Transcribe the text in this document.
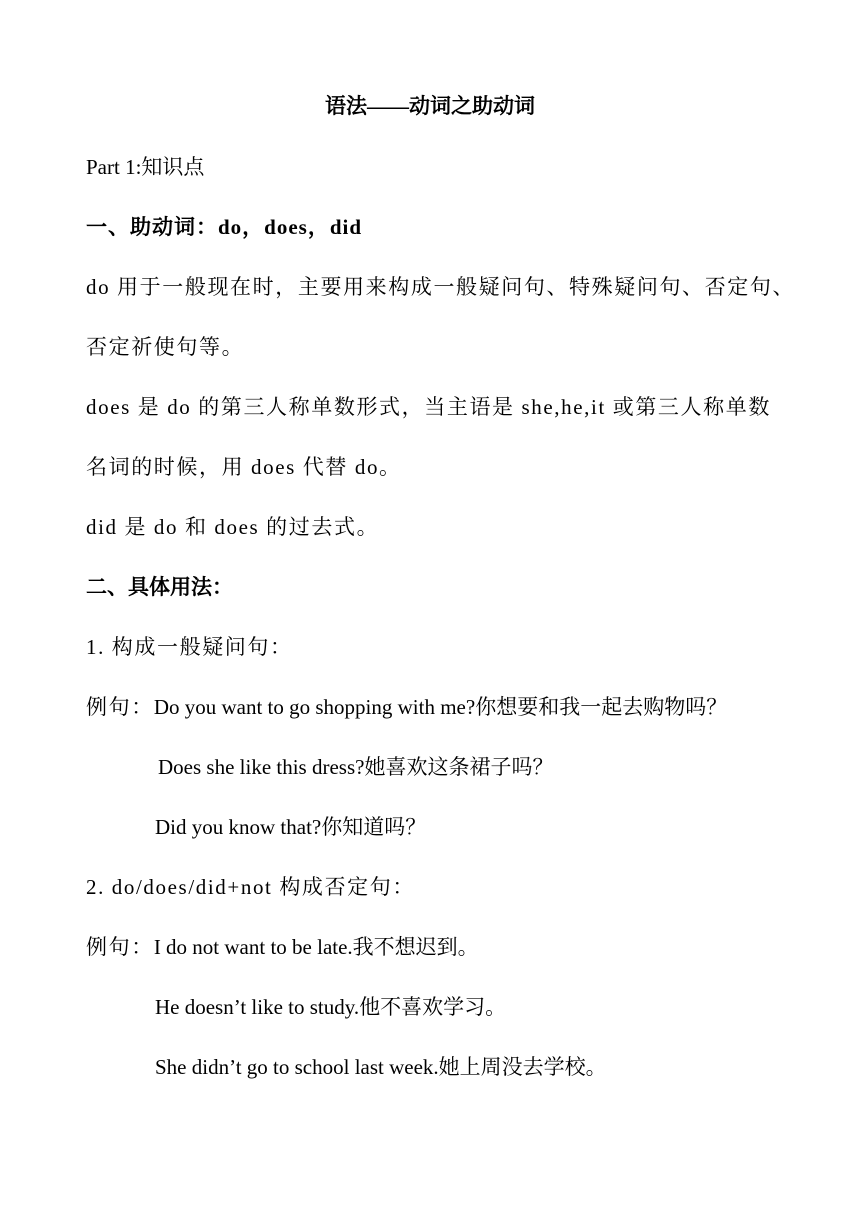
语法——动词之助动词
Part 1:知识点
一、助动词：do，does，did
do 用于一般现在时，主要用来构成一般疑问句、特殊疑问句、否定句、
否定祈使句等。
does 是 do 的第三人称单数形式，当主语是 she,he,it 或第三人称单数
名词的时候，用 does 代替 do。
did 是 do 和 does 的过去式。
二、具体用法：
1. 构成一般疑问句：
例句：Do you want to go shopping with me?你想要和我一起去购物吗？
Does she like this dress?她喜欢这条裙子吗？
Did you know that?你知道吗？
2. do/does/did+not 构成否定句：
例句：I do not want to be late.我不想迟到。
He doesn’t like to study.他不喜欢学习。
She didn’t go to school last week.她上周没去学校。
